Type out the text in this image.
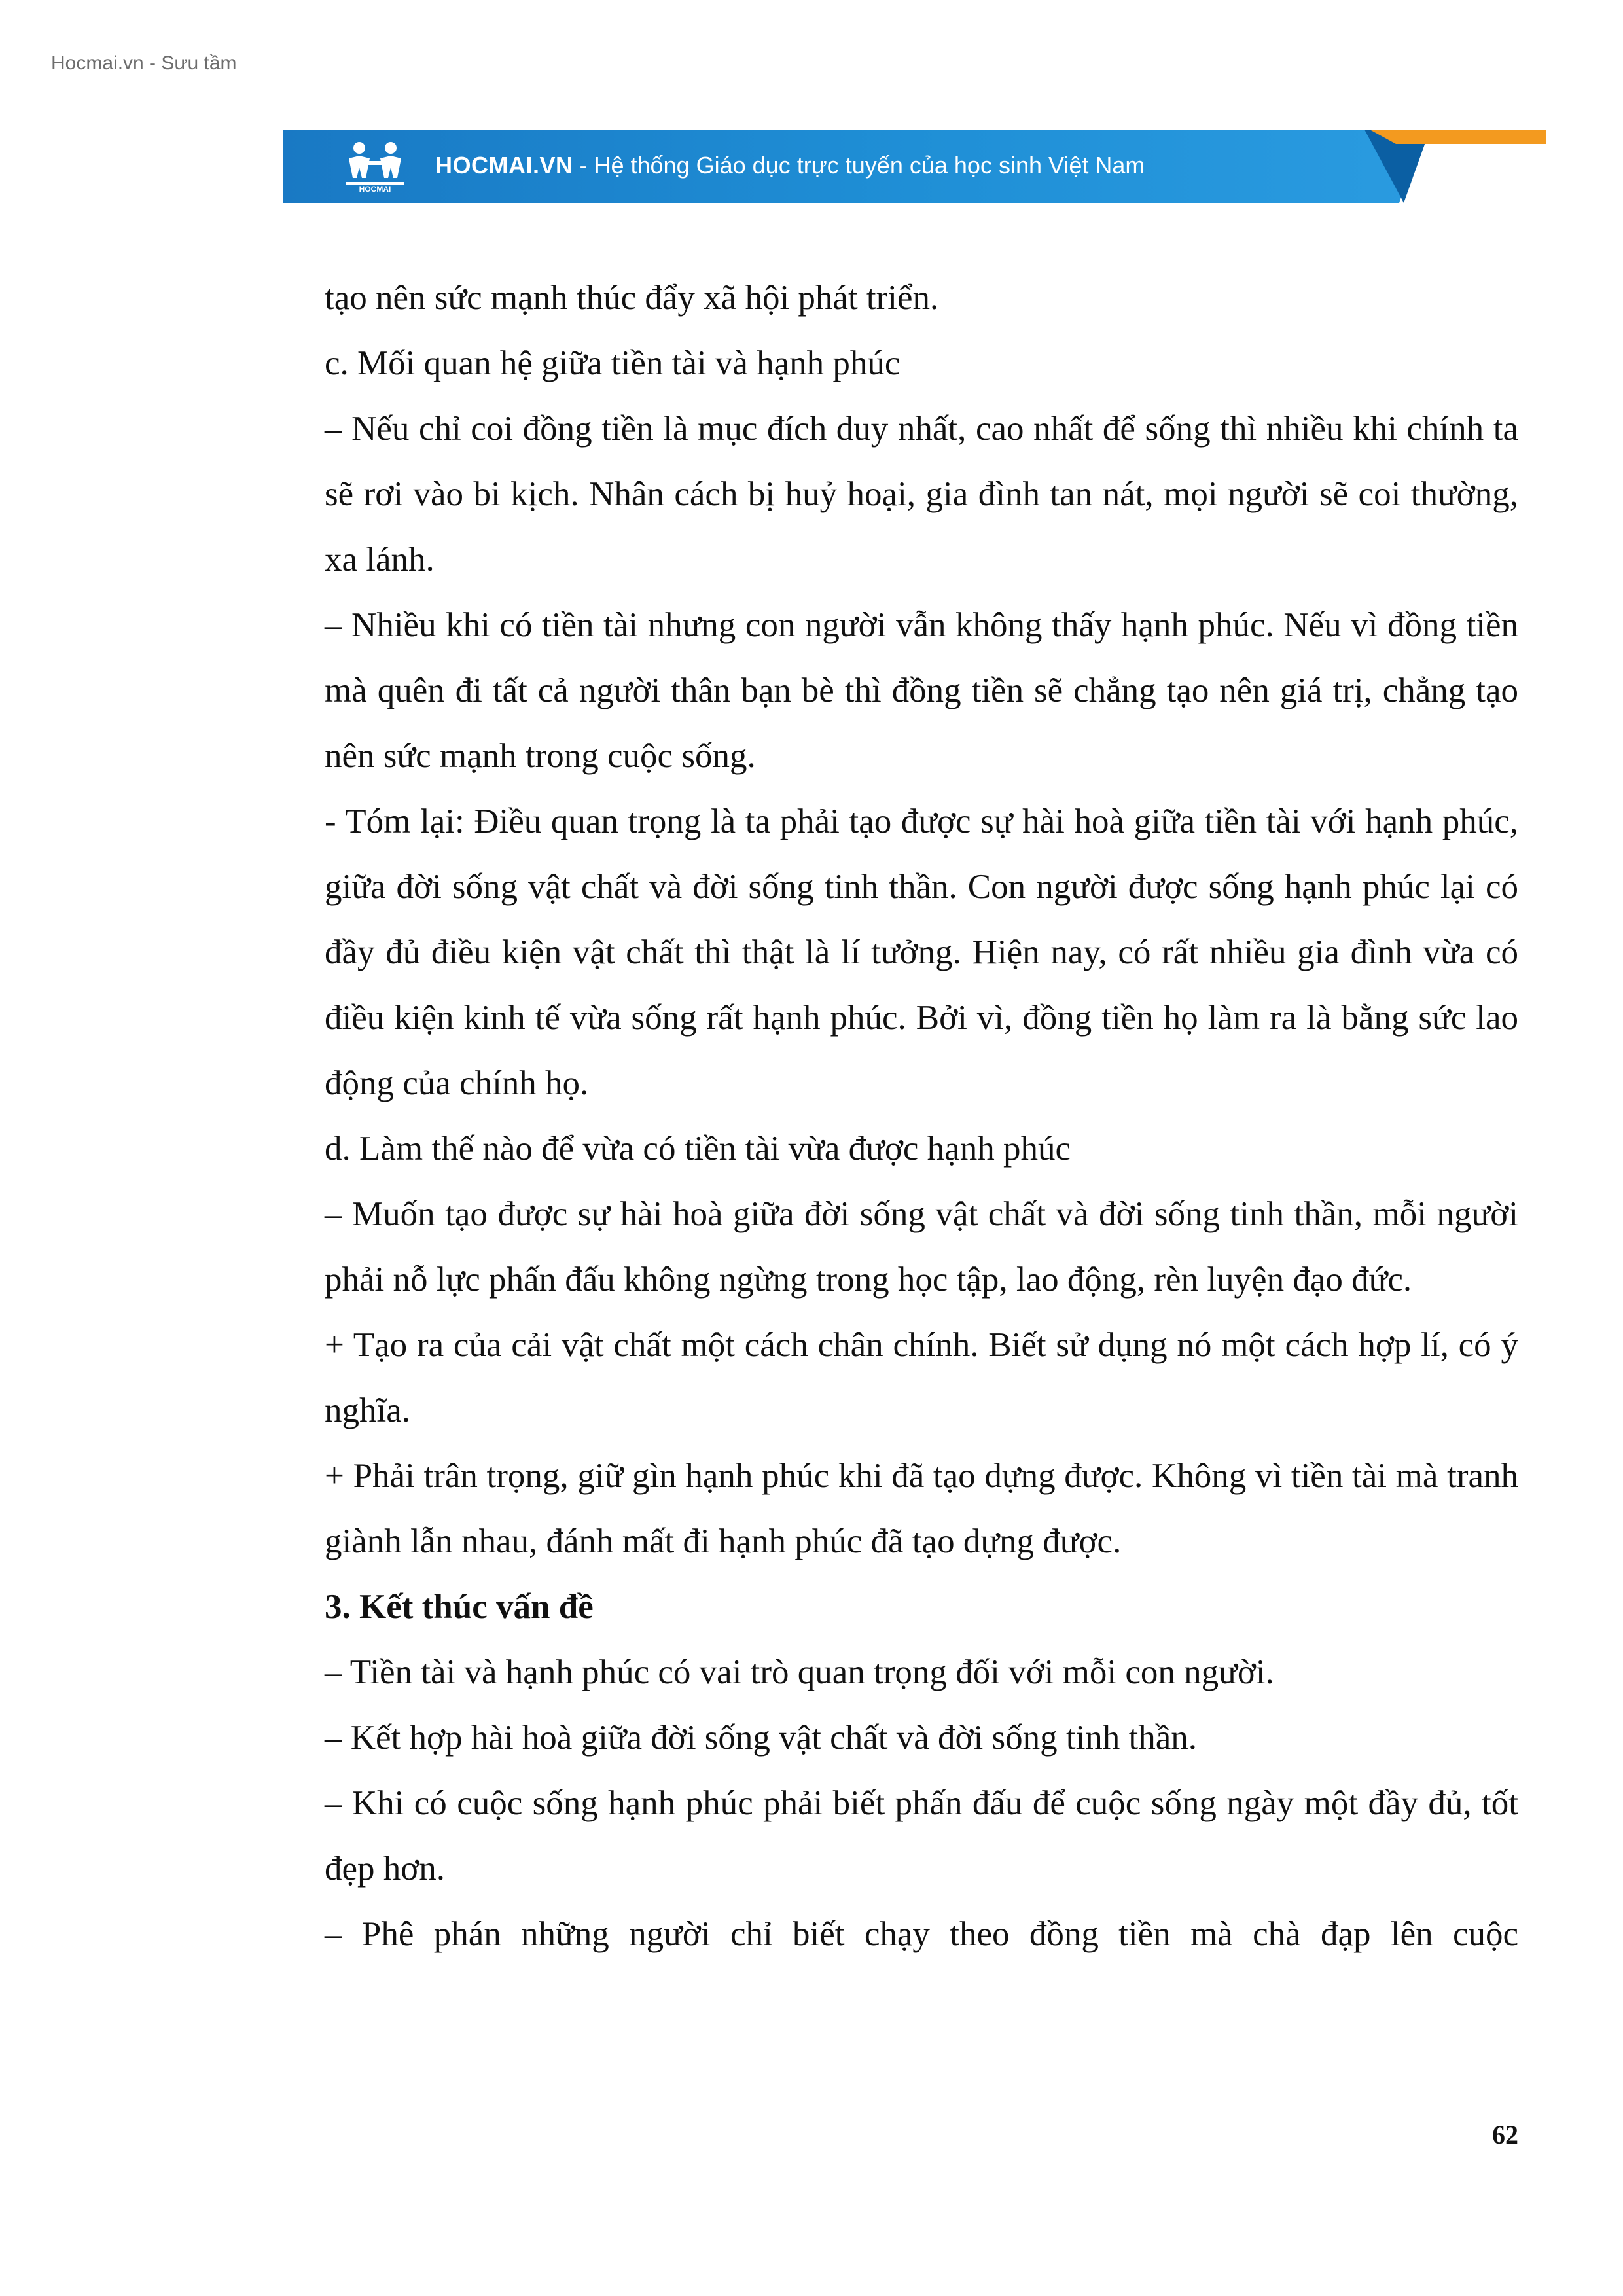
Hocmai.vn - Sưu tầm
HOCMAI
HOCMAI.VN - Hệ thống Giáo dục trực tuyến của học sinh Việt Nam

tạo nên sức mạnh thúc đẩy xã hội phát triển.

c. Mối quan hệ giữa tiền tài và hạnh phúc

– Nếu chỉ coi đồng tiền là mục đích duy nhất, cao nhất để sống thì nhiều khi chính ta sẽ rơi vào bi kịch. Nhân cách bị huỷ hoại, gia đình tan nát, mọi người sẽ coi thường, xa lánh.

– Nhiều khi có tiền tài nhưng con người vẫn không thấy hạnh phúc. Nếu vì đồng tiền mà quên đi tất cả người thân bạn bè thì đồng tiền sẽ chẳng tạo nên giá trị, chẳng tạo nên sức mạnh trong cuộc sống.

- Tóm lại: Điều quan trọng là ta phải tạo được sự hài hoà giữa tiền tài với hạnh phúc, giữa đời sống vật chất và đời sống tinh thần. Con người được sống hạnh phúc lại có đầy đủ điều kiện vật chất thì thật là lí tưởng. Hiện nay, có rất nhiều gia đình vừa có điều kiện kinh tế vừa sống rất hạnh phúc. Bởi vì, đồng tiền họ làm ra là bằng sức lao động của chính họ.

d. Làm thế nào để vừa có tiền tài vừa được hạnh phúc

– Muốn tạo được sự hài hoà giữa đời sống vật chất và đời sống tinh thần, mỗi người phải nỗ lực phấn đấu không ngừng trong học tập, lao động, rèn luyện đạo đức.

+ Tạo ra của cải vật chất một cách chân chính. Biết sử dụng nó một cách hợp lí, có ý nghĩa.

+ Phải trân trọng, giữ gìn hạnh phúc khi đã tạo dựng được. Không vì tiền tài mà tranh giành lẫn nhau, đánh mất đi hạnh phúc đã tạo dựng được.

3. Kết thúc vấn đề

– Tiền tài và hạnh phúc có vai trò quan trọng đối với mỗi con người.

– Kết hợp hài hoà giữa đời sống vật chất và đời sống tinh thần.

– Khi có cuộc sống hạnh phúc phải biết phấn đấu để cuộc sống ngày một đầy đủ, tốt đẹp hơn.

– Phê phán những người chỉ biết chạy theo đồng tiền mà chà đạp lên cuộc

62
